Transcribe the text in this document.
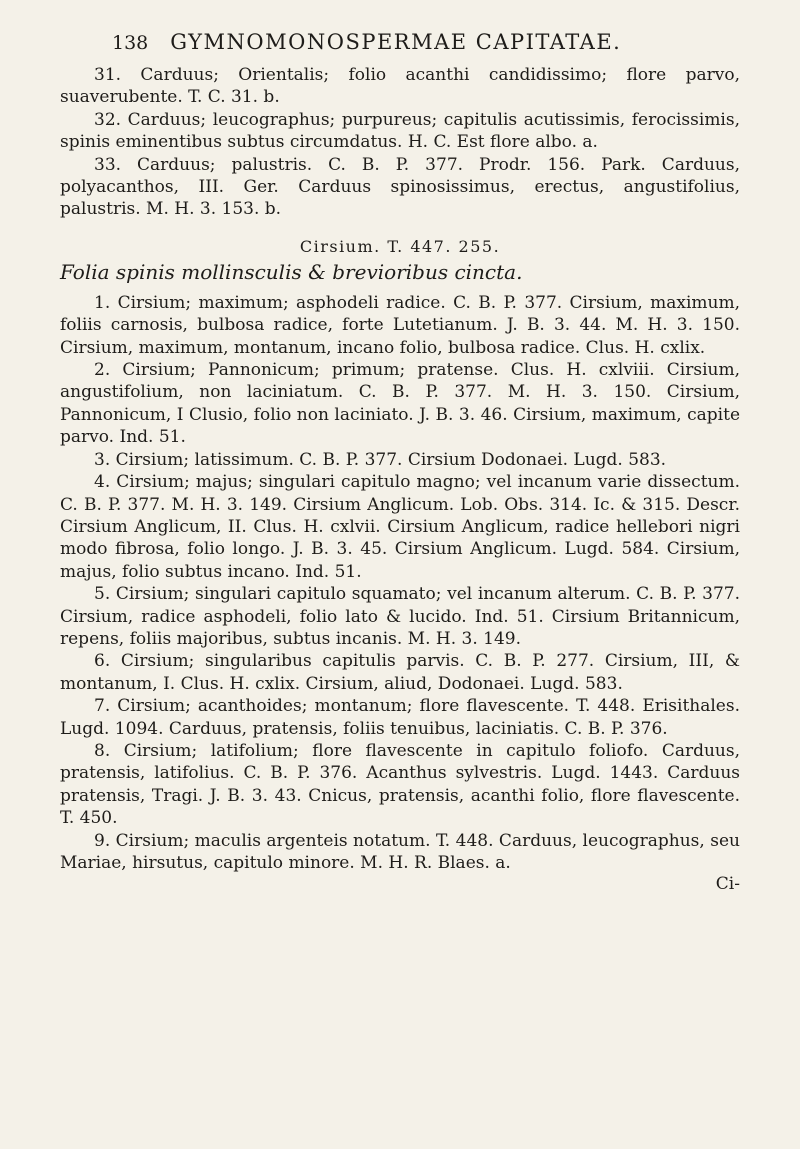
138 GYMNOMONOSPERMAE CAPITATAE.

31. Carduus; Orientalis; folio acanthi candidissimo; flore parvo, suaverubente. T. C. 31. b.

32. Carduus; leucographus; purpureus; capitulis acutissimis, ferocissimis, spinis eminentibus subtus circumdatus. H. C. Est flore albo. a.

33. Carduus; palustris. C. B. P. 377. Prodr. 156. Park. Carduus, polyacanthos, III. Ger. Carduus spinosissimus, erectus, angustifolius, palustris. M. H. 3. 153. b.

Cirsium. T. 447. 255.
Folia spinis mollinsculis & brevioribus cincta.

1. Cirsium; maximum; asphodeli radice. C. B. P. 377. Cirsium, maximum, foliis carnosis, bulbosa radice, forte Lutetianum. J. B. 3. 44. M. H. 3. 150. Cirsium, maximum, montanum, incano folio, bulbosa radice. Clus. H. cxlix.

2. Cirsium; Pannonicum; primum; pratense. Clus. H. cxlviii. Cirsium, angustifolium, non laciniatum. C. B. P. 377. M. H. 3. 150. Cirsium, Pannonicum, I Clusio, folio non laciniato. J. B. 3. 46. Cirsium, maximum, capite parvo. Ind. 51.

3. Cirsium; latissimum. C. B. P. 377. Cirsium Dodonaei. Lugd. 583.

4. Cirsium; majus; singulari capitulo magno; vel incanum varie dissectum. C. B. P. 377. M. H. 3. 149. Cirsium Anglicum. Lob. Obs. 314. Ic. & 315. Descr. Cirsium Anglicum, II. Clus. H. cxlvii. Cirsium Anglicum, radice hellebori nigri modo fibrosa, folio longo. J. B. 3. 45. Cirsium Anglicum. Lugd. 584. Cirsium, majus, folio subtus incano. Ind. 51.

5. Cirsium; singulari capitulo squamato; vel incanum alterum. C. B. P. 377. Cirsium, radice asphodeli, folio lato & lucido. Ind. 51. Cirsium Britannicum, repens, foliis majoribus, subtus incanis. M. H. 3. 149.

6. Cirsium; singularibus capitulis parvis. C. B. P. 277. Cirsium, III, & montanum, I. Clus. H. cxlix. Cirsium, aliud, Dodonaei. Lugd. 583.

7. Cirsium; acanthoides; montanum; flore flavescente. T. 448. Erisithales. Lugd. 1094. Carduus, pratensis, foliis tenuibus, laciniatis. C. B. P. 376.

8. Cirsium; latifolium; flore flavescente in capitulo foliofo. Carduus, pratensis, latifolius. C. B. P. 376. Acanthus sylvestris. Lugd. 1443. Carduus pratensis, Tragi. J. B. 3. 43. Cnicus, pratensis, acanthi folio, flore flavescente. T. 450.

9. Cirsium; maculis argenteis notatum. T. 448. Carduus, leucographus, seu Mariae, hirsutus, capitulo minore. M. H. R. Blaes. a.

Ci-
